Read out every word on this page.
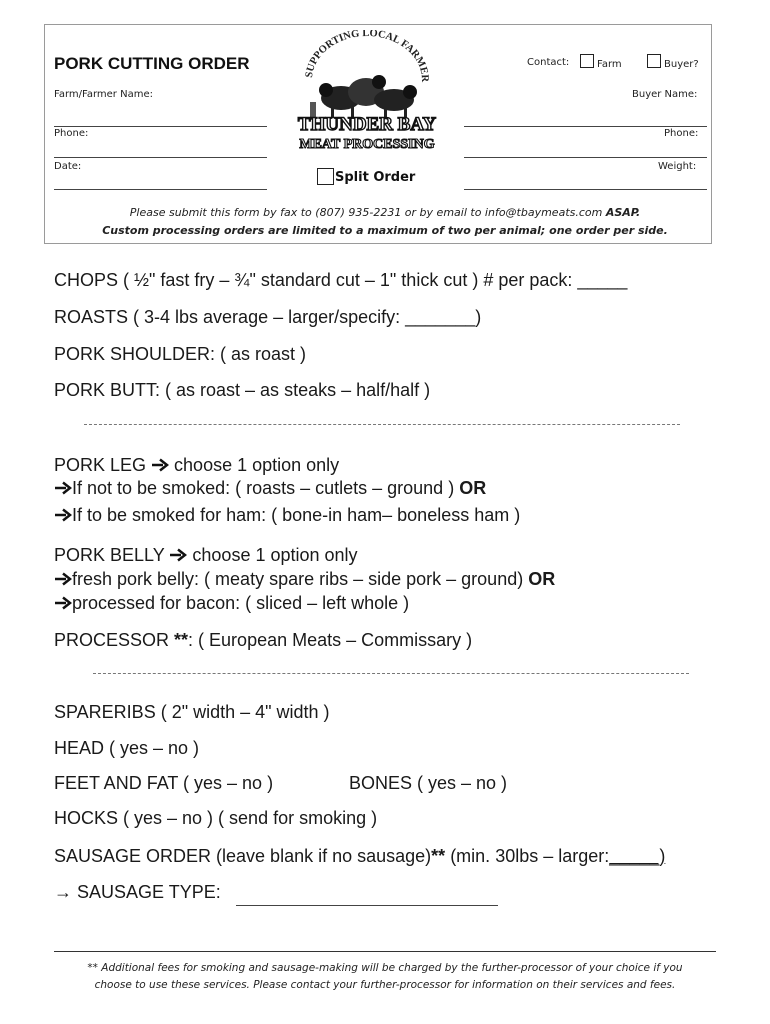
PORK CUTTING ORDER
Farm/Farmer Name:
Phone:
Date:
SUPPORTING LOCAL FARMER
THUNDER BAY
MEAT PROCESSING
Split Order
Contact:	Farm	Buyer?
Buyer Name:
Phone:
Weight:
Please submit this form by fax to (807) 935-2231 or by email to info@tbaymeats.com ASAP.
Custom processing orders are limited to a maximum of two per animal; one order per side.
CHOPS ( ½" fast fry – ¾" standard cut – 1" thick cut ) # per pack: _____
ROASTS ( 3-4 lbs average – larger/specify: _______)
PORK SHOULDER: ( as roast )
PORK BUTT: ( as roast – as steaks – half/half )
PORK LEG  choose 1 option only
If not to be smoked: ( roasts – cutlets – ground ) OR
If to be smoked for ham: ( bone-in ham– boneless ham )
PORK BELLY  choose 1 option only
fresh pork belly: ( meaty spare ribs – side pork – ground) OR
processed for bacon: ( sliced – left whole )
PROCESSOR **: ( European Meats – Commissary )
SPARERIBS ( 2" width – 4" width )
HEAD ( yes – no )
FEET AND FAT ( yes – no )	BONES ( yes – no )
HOCKS ( yes – no ) ( send for smoking )
SAUSAGE ORDER (leave blank if no sausage)** (min. 30lbs – larger:_____)
→ SAUSAGE TYPE:
** Additional fees for smoking and sausage-making will be charged by the further-processor of your choice if you
choose to use these services. Please contact your further-processor for information on their services and fees.
